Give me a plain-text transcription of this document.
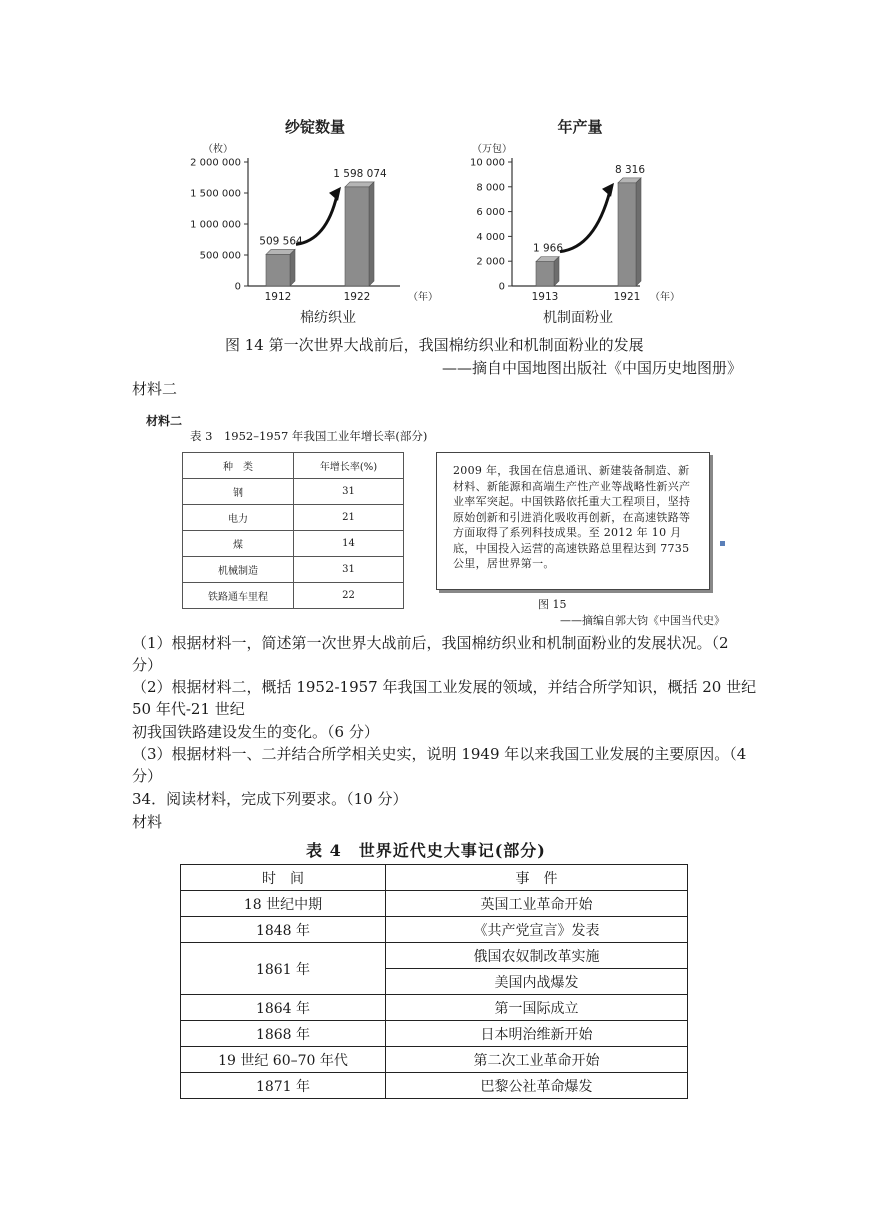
纱锭数量
（枚）
2 000 000
1 500 000
1 000 000
500 000
0
509 564
1912
1 598 074
1922	（年）
棉纺织业
年产量
（万包）
10 000
8 000
6 000
4 000
2 000
0
1 966
1913
8 316
1921 （年）
机制面粉业
图 14 第一次世界大战前后，我国棉纺织业和机制面粉业的发展
——摘自中国地图出版社《中国历史地图册》
材料二
材料二
表 3　1952–1957 年我国工业年增长率(部分)
种　类	年增长率(%)
钢	31
电力	21
煤	14
机械制造	31
铁路通车里程	22
2009 年，我国在信息通讯、新建装备制造、新材料、新能源和高端生产性产业等战略性新兴产业率军突起。中国铁路依托重大工程项目，坚持原始创新和引进消化吸收再创新，在高速铁路等方面取得了系列科技成果。至 2012 年 10 月底，中国投入运营的高速铁路总里程达到 7735 公里，居世界第一。
图 15
——摘编自郭大钧《中国当代史》
（1）根据材料一，简述第一次世界大战前后，我国棉纺织业和机制面粉业的发展状况。（2
分）
（2）根据材料二，概括 1952-1957 年我国工业发展的领域，并结合所学知识，概括 20 世纪
50 年代-21 世纪
初我国铁路建设发生的变化。（6 分）
（3）根据材料一、二并结合所学相关史实，说明 1949 年以来我国工业发展的主要原因。（4
分）
34．阅读材料，完成下列要求。（10 分）
材料
表 4　世界近代史大事记(部分)
时　间	事　件
18 世纪中期	英国工业革命开始
1848 年	《共产党宣言》发表
1861 年	俄国农奴制改革实施
	美国内战爆发
1864 年	第一国际成立
1868 年	日本明治维新开始
19 世纪 60–70 年代	第二次工业革命开始
1871 年	巴黎公社革命爆发
